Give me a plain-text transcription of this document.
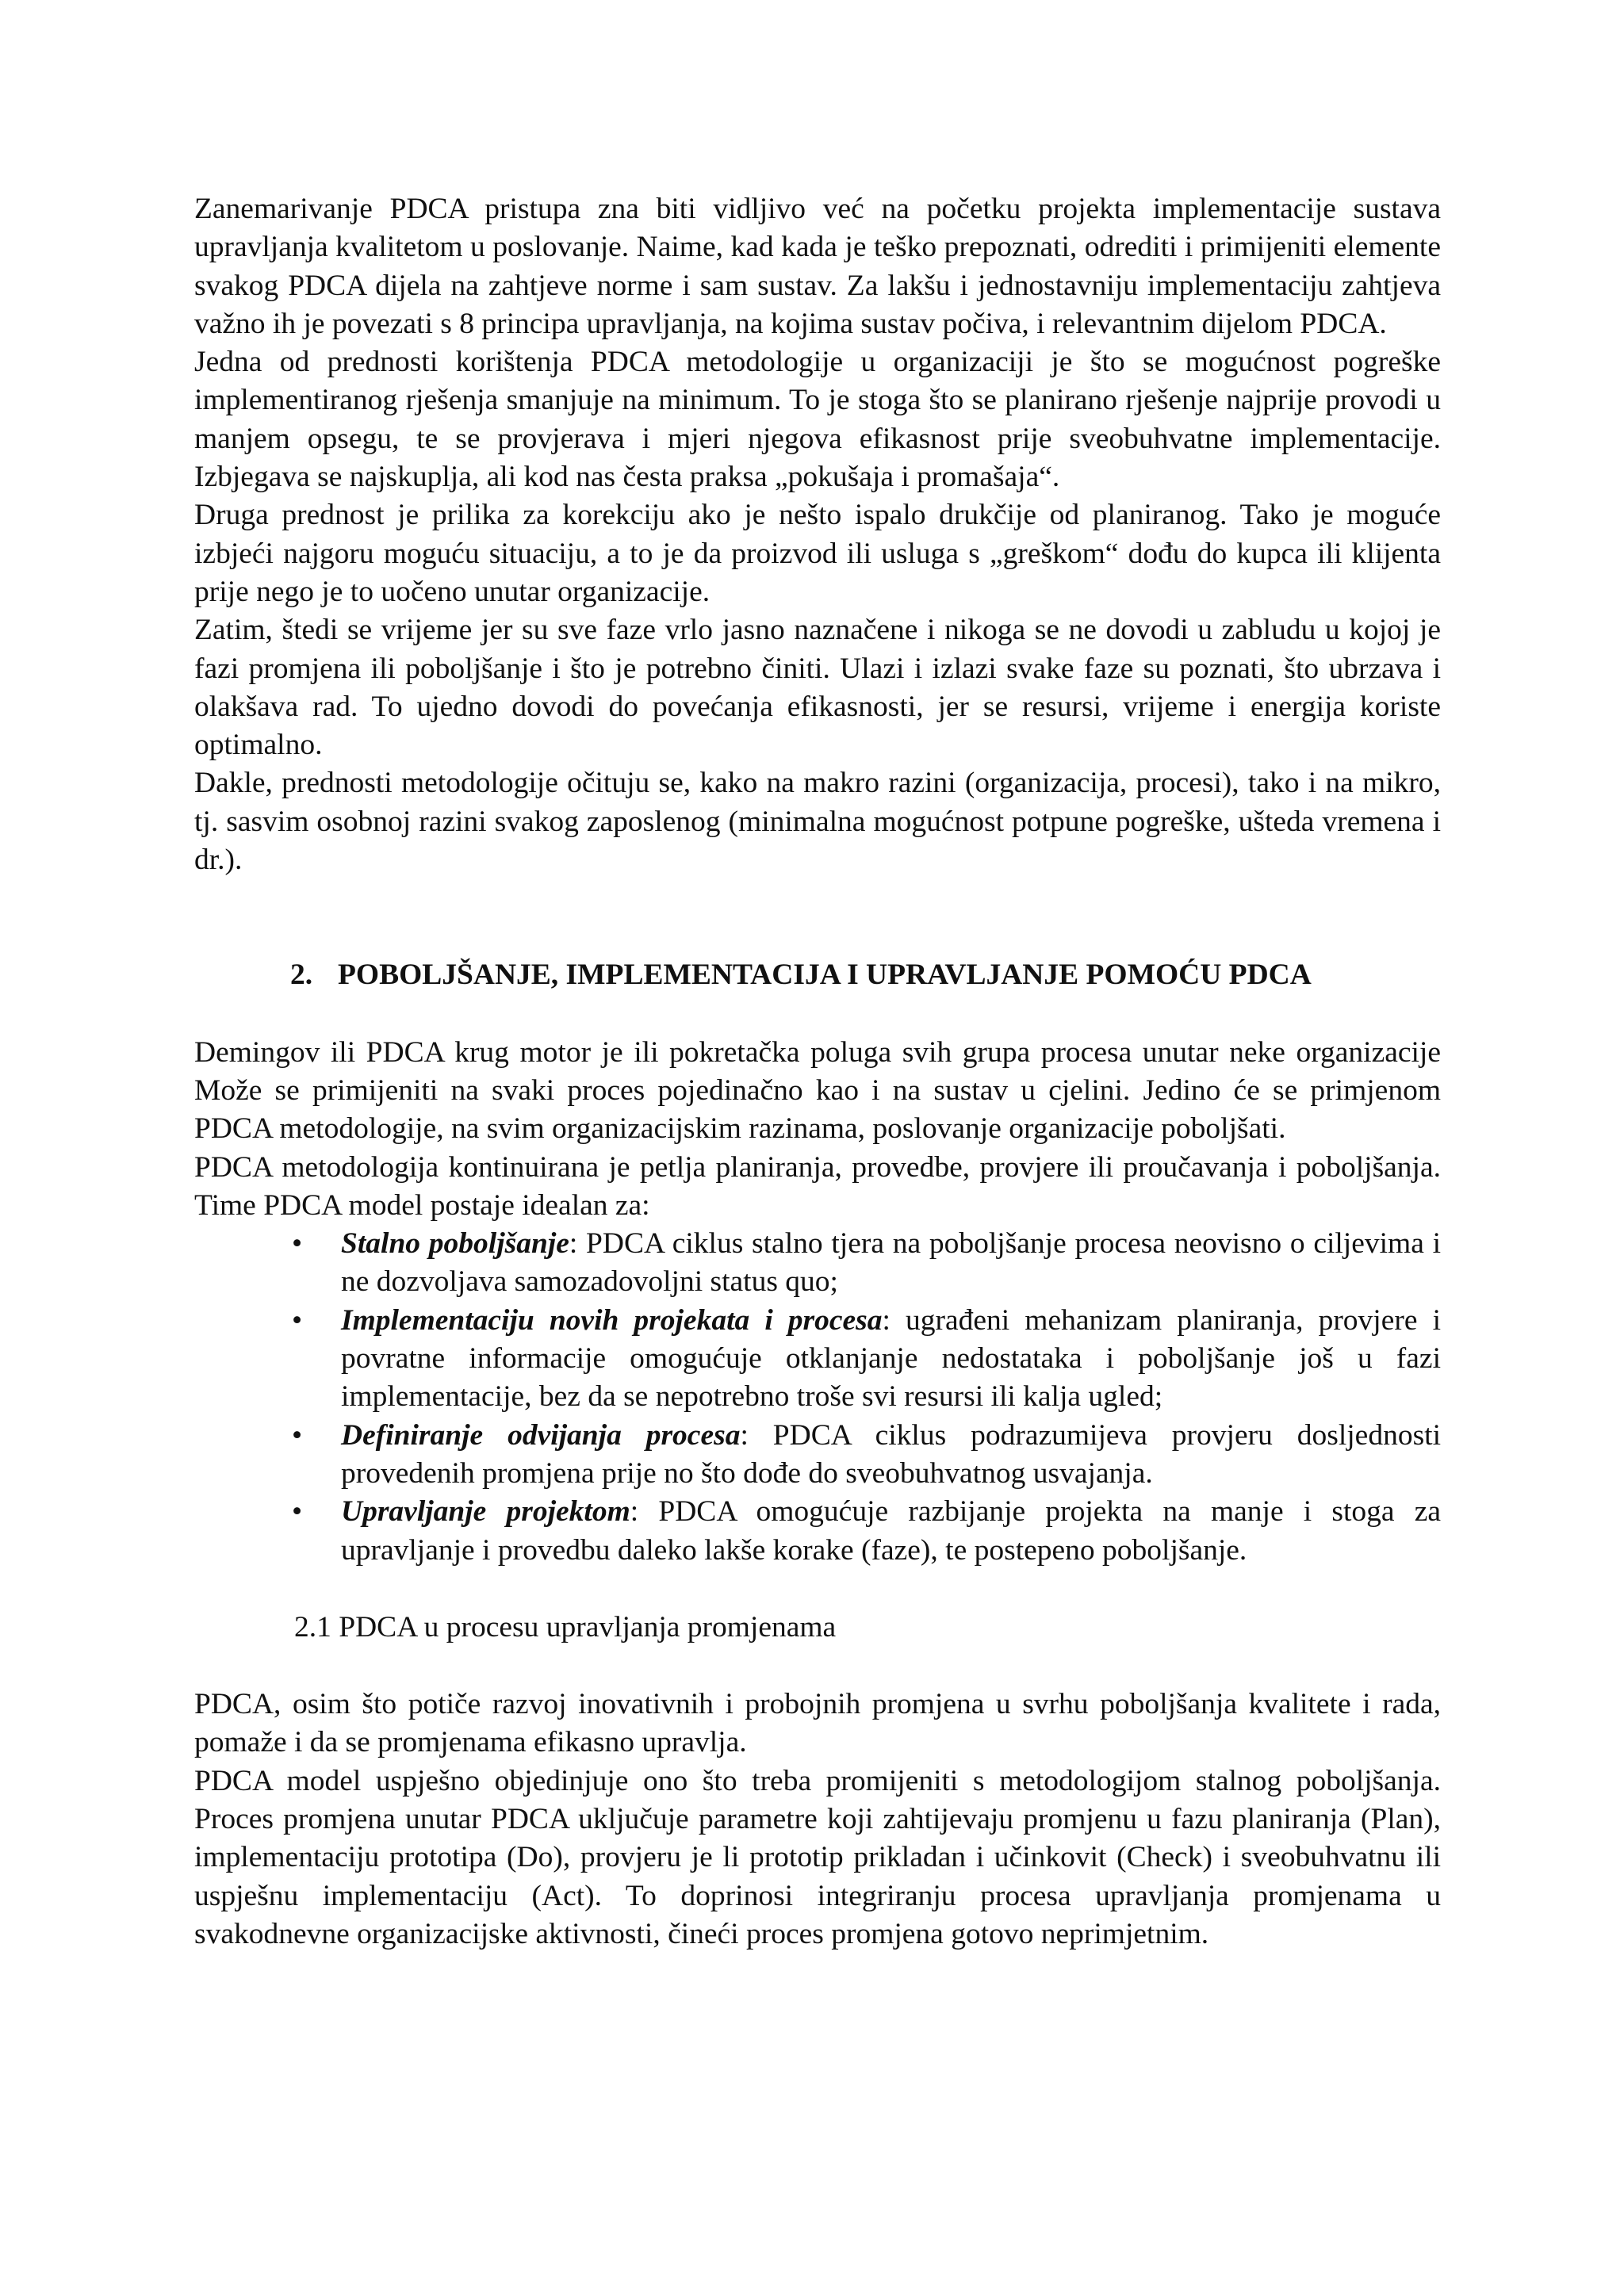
Zanemarivanje PDCA pristupa zna biti vidljivo već na početku projekta implementacije sustava upravljanja kvalitetom u poslovanje. Naime, kad kada je teško prepoznati, odrediti i primijeniti elemente svakog PDCA dijela na zahtjeve norme i sam sustav. Za lakšu i jednostavniju implementaciju zahtjeva važno ih je povezati s 8 principa upravljanja, na kojima sustav počiva, i relevantnim dijelom PDCA.

Jedna od prednosti korištenja PDCA metodologije u organizaciji je što se mogućnost pogreške implementiranog rješenja smanjuje na minimum. To je stoga što se planirano rješenje najprije provodi u manjem opsegu, te se provjerava i mjeri njegova efikasnost prije sveobuhvatne implementacije. Izbjegava se najskuplja, ali kod nas česta praksa „pokušaja i promašaja“.

Druga prednost je prilika za korekciju ako je nešto ispalo drukčije od planiranog. Tako je moguće izbjeći najgoru moguću situaciju, a to je da proizvod ili usluga s „greškom“ dođu do kupca ili klijenta prije nego je to uočeno unutar organizacije.

Zatim, štedi se vrijeme jer su sve faze vrlo jasno naznačene i nikoga se ne dovodi u zabludu u kojoj je fazi promjena ili poboljšanje i što je potrebno činiti. Ulazi i izlazi svake faze su poznati, što ubrzava i olakšava rad. To ujedno dovodi do povećanja efikasnosti, jer se resursi, vrijeme i energija koriste optimalno.

Dakle, prednosti metodologije očituju se, kako na makro razini (organizacija, procesi), tako i na mikro, tj. sasvim osobnoj razini svakog zaposlenog (minimalna mogućnost potpune pogreške, ušteda vremena i dr.).

2. POBOLJŠANJE, IMPLEMENTACIJA I UPRAVLJANJE POMOĆU PDCA

Demingov ili PDCA krug motor je ili pokretačka poluga svih grupa procesa unutar neke organizacije Može se primijeniti na svaki proces pojedinačno kao i na sustav u cjelini. Jedino će se primjenom PDCA metodologije, na svim organizacijskim razinama, poslovanje organizacije poboljšati.

PDCA metodologija kontinuirana je petlja planiranja, provedbe, provjere ili proučavanja i poboljšanja. Time PDCA model postaje idealan za:

• Stalno poboljšanje: PDCA ciklus stalno tjera na poboljšanje procesa neovisno o ciljevima i ne dozvoljava samozadovoljni status quo;
• Implementaciju novih projekata i procesa: ugrađeni mehanizam planiranja, provjere i povratne informacije omogućuje otklanjanje nedostataka i poboljšanje još u fazi implementacije, bez da se nepotrebno troše svi resursi ili kalja ugled;
• Definiranje odvijanja procesa: PDCA ciklus podrazumijeva provjeru dosljednosti provedenih promjena prije no što dođe do sveobuhvatnog usvajanja.
• Upravljanje projektom: PDCA omogućuje razbijanje projekta na manje i stoga za upravljanje i provedbu daleko lakše korake (faze), te postepeno poboljšanje.

2.1 PDCA u procesu upravljanja promjenama

PDCA, osim što potiče razvoj inovativnih i probojnih promjena u svrhu poboljšanja kvalitete i rada, pomaže i da se promjenama efikasno upravlja.

PDCA model uspješno objedinjuje ono što treba promijeniti s metodologijom stalnog poboljšanja. Proces promjena unutar PDCA uključuje parametre koji zahtijevaju promjenu u fazu planiranja (Plan), implementaciju prototipa (Do), provjeru je li prototip prikladan i učinkovit (Check) i sveobuhvatnu ili uspješnu implementaciju (Act). To doprinosi integriranju procesa upravljanja promjenama u svakodnevne organizacijske aktivnosti, čineći proces promjena gotovo neprimjetnim.
